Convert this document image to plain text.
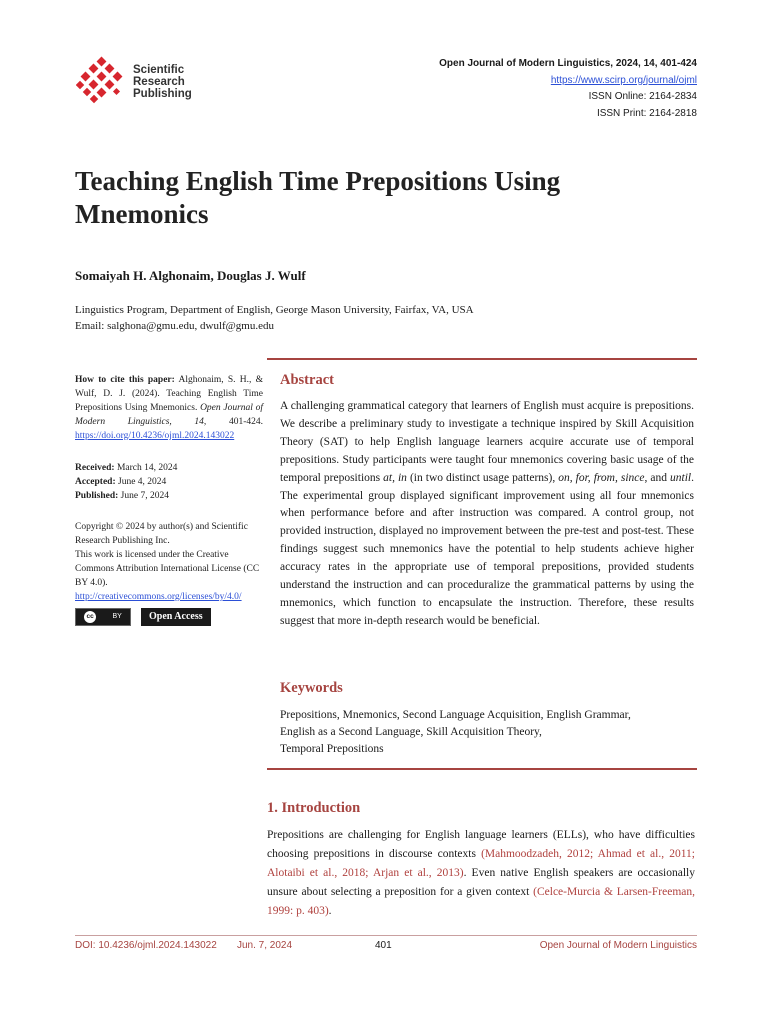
Scientific
Research
Publishing
Open Journal of Modern Linguistics, 2024, 14, 401-424
https://www.scirp.org/journal/ojml
ISSN Online: 2164-2834
ISSN Print: 2164-2818
Teaching English Time Prepositions Using Mnemonics
Somaiyah H. Alghonaim, Douglas J. Wulf
Linguistics Program, Department of English, George Mason University, Fairfax, VA, USA
Email: salghona@gmu.edu, dwulf@gmu.edu

How to cite this paper: Alghonaim, S. H., & Wulf, D. J. (2024). Teaching English Time Prepositions Using Mnemonics. Open Journal of Modern Linguistics, 14, 401-424. https://doi.org/10.4236/ojml.2024.143022

Received: March 14, 2024

Accepted: June 4, 2024

Published: June 7, 2024

Copyright © 2024 by author(s) and Scientific Research Publishing Inc.

This work is licensed under the Creative Commons Attribution International License (CC BY 4.0).

http://creativecommons.org/licenses/by/4.0/

cc	BY	Open Access
Abstract
A challenging grammatical category that learners of English must acquire is prepositions. We describe a preliminary study to investigate a technique inspired by Skill Acquisition Theory (SAT) to help English language learners acquire accurate use of temporal prepositions. Study participants were taught four mnemonics covering basic usage of the temporal prepositions at, in (in two distinct usage patterns), on, for, from, since, and until. The experimental group displayed significant improvement using all four mnemonics when performance before and after instruction was compared. A control group, not provided instruction, displayed no improvement between the pre-test and post-test. These findings suggest such mnemonics have the potential to help students achieve higher accuracy rates in the appropriate use of temporal prepositions, provided students understand the instruction and can proceduralize the grammatical patterns by using the mnemonics, which function to encapsulate the instruction. Therefore, these results suggest that more in-depth research would be beneficial.
Keywords
Prepositions, Mnemonics, Second Language Acquisition, English Grammar,
English as a Second Language, Skill Acquisition Theory,
Temporal Prepositions
1. Introduction
Prepositions are challenging for English language learners (ELLs), who have difficulties choosing prepositions in discourse contexts (Mahmoodzadeh, 2012; Ahmad et al., 2011; Alotaibi et al., 2018; Arjan et al., 2013). Even native English speakers are occasionally unsure about selecting a preposition for a given context (Celce-Murcia & Larsen-Freeman, 1999: p. 403).
DOI: 10.4236/ojml.2024.143022 Jun. 7, 2024	401	Open Journal of Modern Linguistics
